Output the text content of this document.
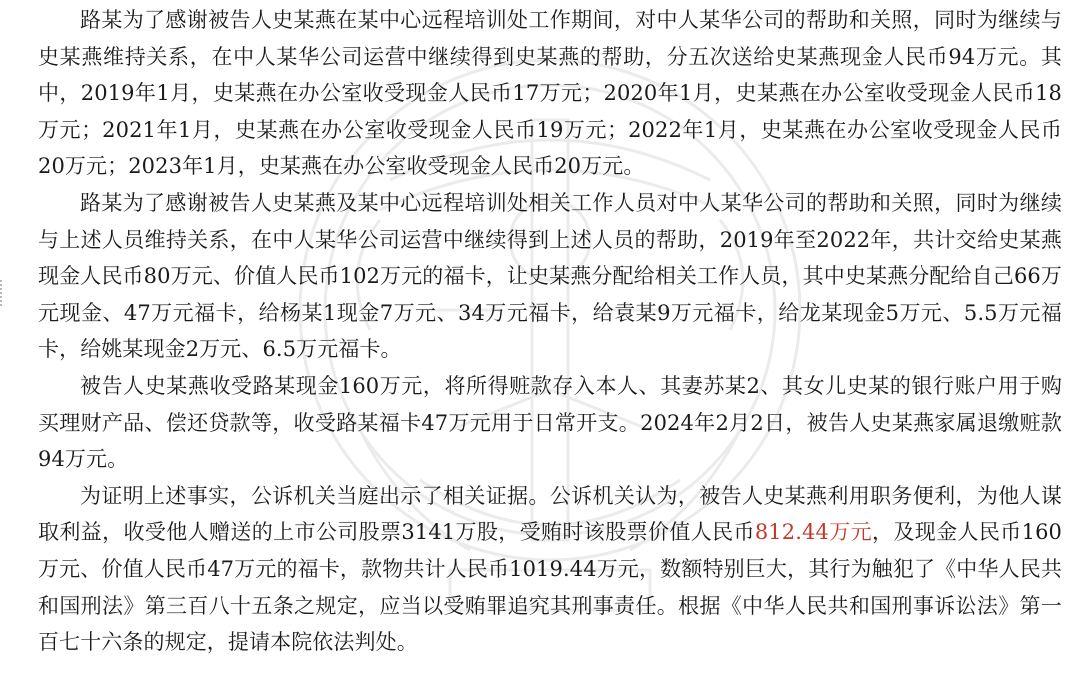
路某为了感谢被告人史某燕在某中心远程培训处工作期间，对中人某华公司的帮助和关照，同时为继续与史某燕维持关系，在中人某华公司运营中继续得到史某燕的帮助，分五次送给史某燕现金人民币94万元。其中，2019年1月，史某燕在办公室收受现金人民币17万元；2020年1月，史某燕在办公室收受现金人民币18万元；2021年1月，史某燕在办公室收受现金人民币19万元；2022年1月，史某燕在办公室收受现金人民币20万元；2023年1月，史某燕在办公室收受现金人民币20万元。

路某为了感谢被告人史某燕及某中心远程培训处相关工作人员对中人某华公司的帮助和关照，同时为继续与上述人员维持关系，在中人某华公司运营中继续得到上述人员的帮助，2019年至2022年，共计交给史某燕现金人民币80万元、价值人民币102万元的福卡，让史某燕分配给相关工作人员，其中史某燕分配给自己66万元现金、47万元福卡，给杨某1现金7万元、34万元福卡，给袁某9万元福卡，给龙某现金5万元、5.5万元福卡，给姚某现金2万元、6.5万元福卡。

被告人史某燕收受路某现金160万元，将所得赃款存入本人、其妻苏某2、其女儿史某的银行账户用于购买理财产品、偿还贷款等，收受路某福卡47万元用于日常开支。2024年2月2日，被告人史某燕家属退缴赃款94万元。

为证明上述事实，公诉机关当庭出示了相关证据。公诉机关认为，被告人史某燕利用职务便利，为他人谋取利益，收受他人赠送的上市公司股票3141万股，受贿时该股票价值人民币812.44万元，及现金人民币160万元、价值人民币47万元的福卡，款物共计人民币1019.44万元，数额特别巨大，其行为触犯了《中华人民共和国刑法》第三百八十五条之规定，应当以受贿罪追究其刑事责任。根据《中华人民共和国刑事诉讼法》第一百七十六条的规定，提请本院依法判处。
